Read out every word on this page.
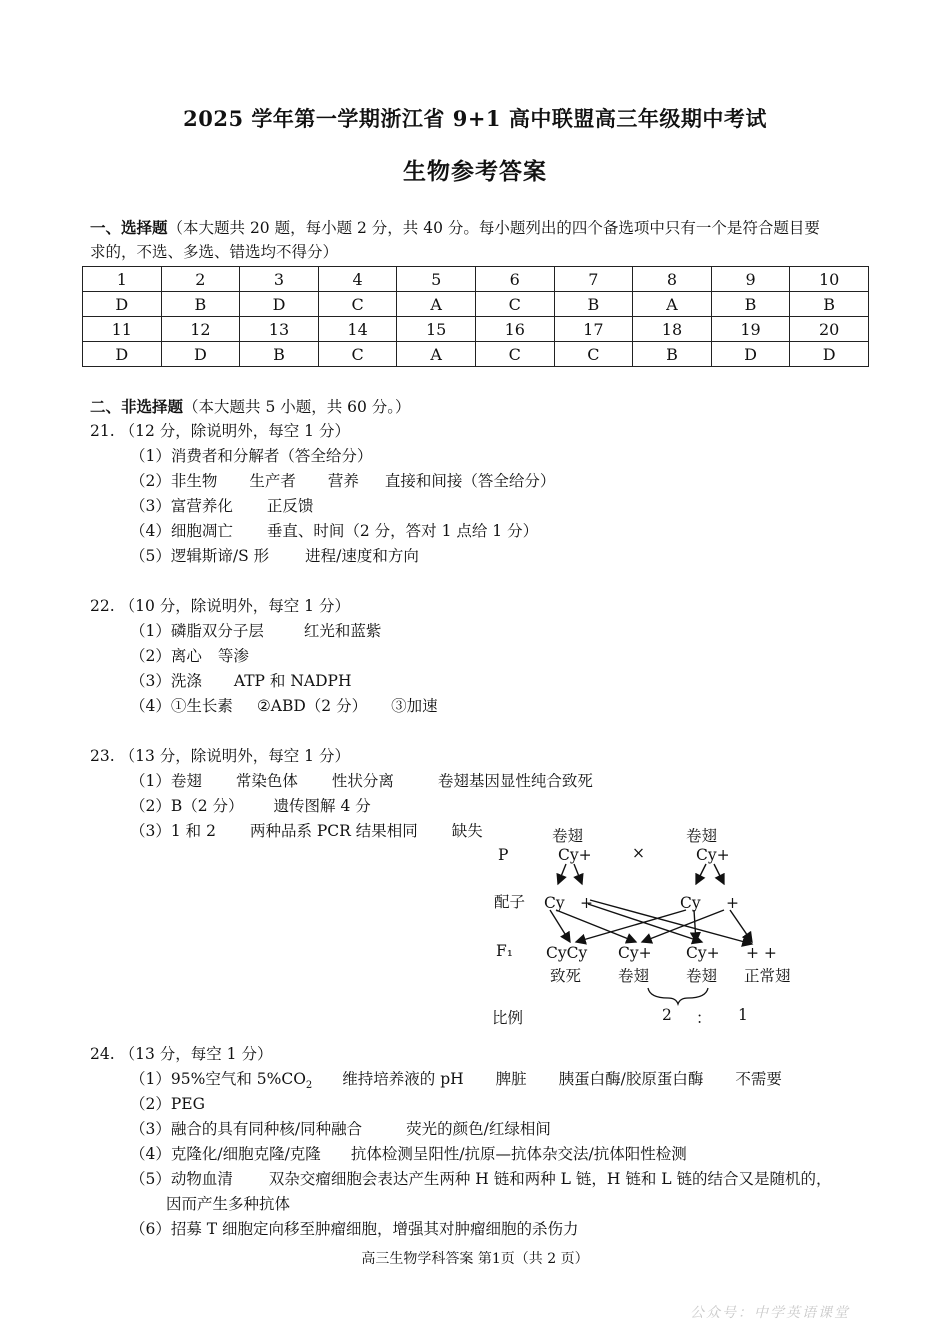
2025 学年第一学期浙江省 9+1 高中联盟高三年级期中考试
生物参考答案
一、选择题（本大题共 20 题，每小题 2 分，共 40 分。每小题列出的四个备选项中只有一个是符合题目要
求的，不选、多选、错选均不得分）
1	2	3	4	5	6	7	8	9	10
D	B	D	C	A	C	B	A	B	B
11	12	13	14	15	16	17	18	19	20
D	D	B	C	A	C	C	B	D	D
二、非选择题（本大题共 5 小题，共 60 分。）
21. （12 分，除说明外，每空 1 分）
（1）消费者和分解者（答全给分）
（2）非生物 生产者 营养 直接和间接（答全给分）
（3）富营养化 正反馈
（4）细胞凋亡 垂直、时间（2 分，答对 1 点给 1 分）
（5）逻辑斯谛/S 形 进程/速度和方向
22. （10 分，除说明外，每空 1 分）
（1）磷脂双分子层	红光和蓝紫
（2）离心 等渗
（3）洗涤 ATP 和 NADPH
（4）①生长素 ②ABD（2 分） ③加速
23. （13 分，除说明外，每空 1 分）
（1）卷翅 常染色体 性状分离	卷翅基因显性纯合致死
（2）B（2 分） 遗传图解 4 分
（3）1 和 2 两种品系 PCR 结果相同 缺失	卷翅	卷翅
P	Cy+	×	Cy+
配子 Cy +	Cy +
F₁ CyCy Cy+ Cy+ + +
致死 卷翅 卷翅 正常翅
比例	2 ： 1
24. （13 分，每空 1 分）
（1）95%空气和 $5\%CO_2$ 维持培养液的 pH 脾脏 胰蛋白酶/胶原蛋白酶 不需要
（2）PEG
（3）融合的具有同种核/同种融合	荧光的颜色/红绿相间
（4）克隆化/细胞克隆/克隆 抗体检测呈阳性/抗原—抗体杂交法/抗体阳性检测
（5）动物血清 双杂交瘤细胞会表达产生两种 H 链和两种 L 链，H 链和 L 链的结合又是随机的，
因而产生多种抗体
（6）招募 T 细胞定向移至肿瘤细胞，增强其对肿瘤细胞的杀伤力
高三生物学科答案 第1页（共 2 页）
公众号：中学英语课堂
